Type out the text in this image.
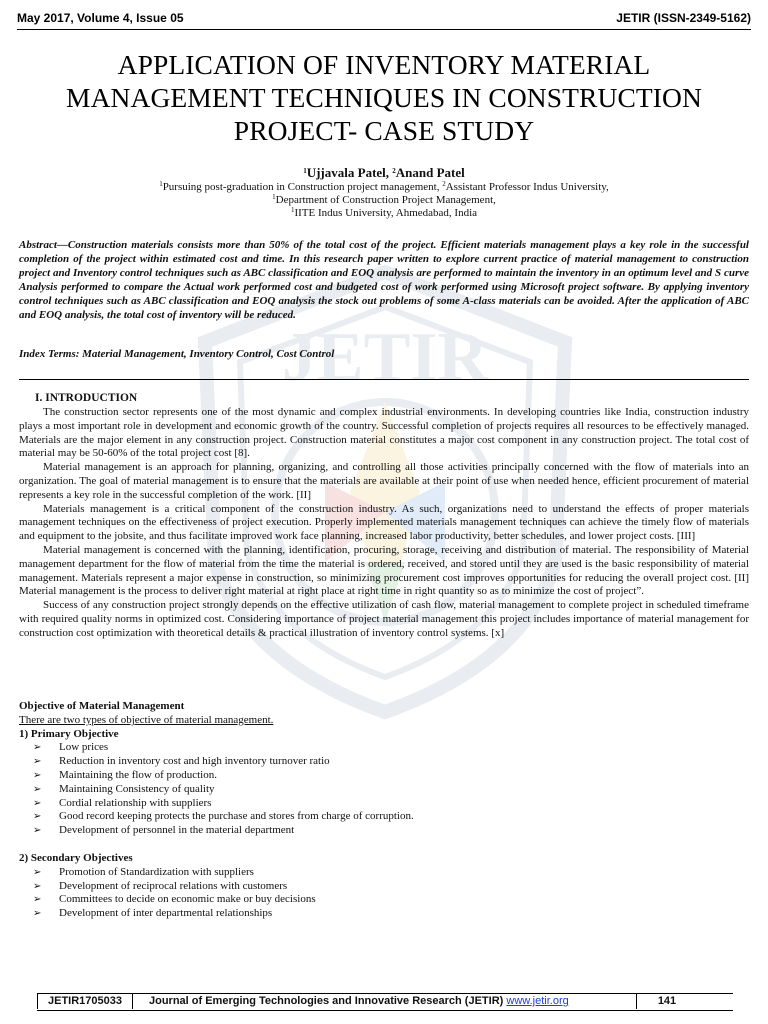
May 2017, Volume 4, Issue 05	JETIR (ISSN-2349-5162)
JETIR
APPLICATION OF INVENTORY MATERIAL
MANAGEMENT TECHNIQUES IN CONSTRUCTION
PROJECT- CASE STUDY
$^1$Ujjavala Patel, $^2$Anand Patel
$^1$Pursuing post-graduation in Construction project management, $^2$Assistant Professor Indus University,
$^1$Department of Construction Project Management,
$^1$IITE Indus University, Ahmedabad, India
Abstract—Construction materials consists more than 50% of the total cost of the project. Efficient materials management plays a key role in the successful completion of the project within estimated cost and time. In this research paper written to explore current practice of material management to construction project and Inventory control techniques such as ABC classification and EOQ analysis are performed to maintain the inventory in an optimum level and S curve Analysis performed to compare the Actual work performed cost and budgeted cost of work performed using Microsoft project software. By applying inventory control techniques such as ABC classification and EOQ analysis the stock out problems of some A-class materials can be avoided. After the application of ABC and EOQ analysis, the total cost of inventory will be reduced.
Index Terms: Material Management, Inventory Control, Cost Control
I. INTRODUCTION

The construction sector represents one of the most dynamic and complex industrial environments. In developing countries like India, construction industry plays a most important role in development and economic growth of the country. Successful completion of projects requires all resources to be effectively managed. Materials are the major element in any construction project. Construction material constitutes a major cost component in any construction project. The total cost of material may be 50-60% of the total project cost [8].

Material management is an approach for planning, organizing, and controlling all those activities principally concerned with the flow of materials into an organization. The goal of material management is to ensure that the materials are available at their point of use when needed hence, efficient procurement of material represents a key role in the successful completion of the work. [II]

Materials management is a critical component of the construction industry. As such, organizations need to understand the effects of proper materials management techniques on the effectiveness of project execution. Properly implemented materials management techniques can achieve the timely flow of materials and equipment to the jobsite, and thus facilitate improved work face planning, increased labor productivity, better schedules, and lower project costs. [III]

Material management is concerned with the planning, identification, procuring, storage, receiving and distribution of material. The responsibility of Material management department for the flow of material from the time the material is ordered, received, and stored until they are used is the basic responsibility of material management. Materials represent a major expense in construction, so minimizing procurement cost improves opportunities for reducing the overall project cost. [II] Material management is the process to deliver right material at right place at right time in right quantity so as to minimize the cost of project”.

Success of any construction project strongly depends on the effective utilization of cash flow, material management to complete project in scheduled timeframe with required quality norms in optimized cost. Considering importance of project material management this project includes importance of material management for construction cost optimization with theoretical details & practical illustration of inventory control systems. [x]

Objective of Material Management
There are two types of objective of material management.
1) Primary Objective
➢ Low prices
➢ Reduction in inventory cost and high inventory turnover ratio
➢ Maintaining the flow of production.
➢ Maintaining Consistency of quality
➢ Cordial relationship with suppliers
➢ Good record keeping protects the purchase and stores from charge of corruption.
➢ Development of personnel in the material department
2) Secondary Objectives
➢ Promotion of Standardization with suppliers
➢ Development of reciprocal relations with customers
➢ Committees to decide on economic make or buy decisions
➢ Development of inter departmental relationships
JETIR1705033	Journal of Emerging Technologies and Innovative Research (JETIR) www.jetir.org	141
